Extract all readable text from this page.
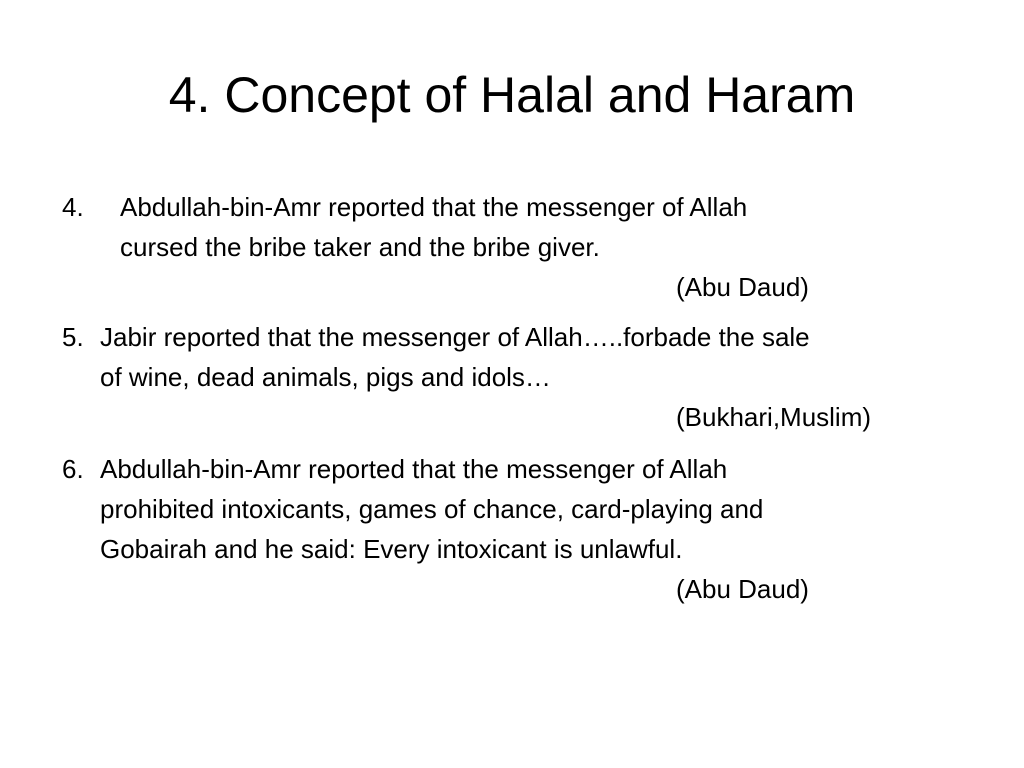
4. Concept of Halal and Haram
4. Abdullah-bin-Amr reported that the messenger of Allah
cursed the bribe taker and the bribe giver.
(Abu Daud)
5. Jabir reported that the messenger of Allah…..forbade the sale
of wine, dead animals, pigs and idols…
(Bukhari,Muslim)
6. Abdullah-bin-Amr reported that the messenger of Allah
prohibited intoxicants, games of chance, card-playing and
Gobairah and he said: Every intoxicant is unlawful.
(Abu Daud)
